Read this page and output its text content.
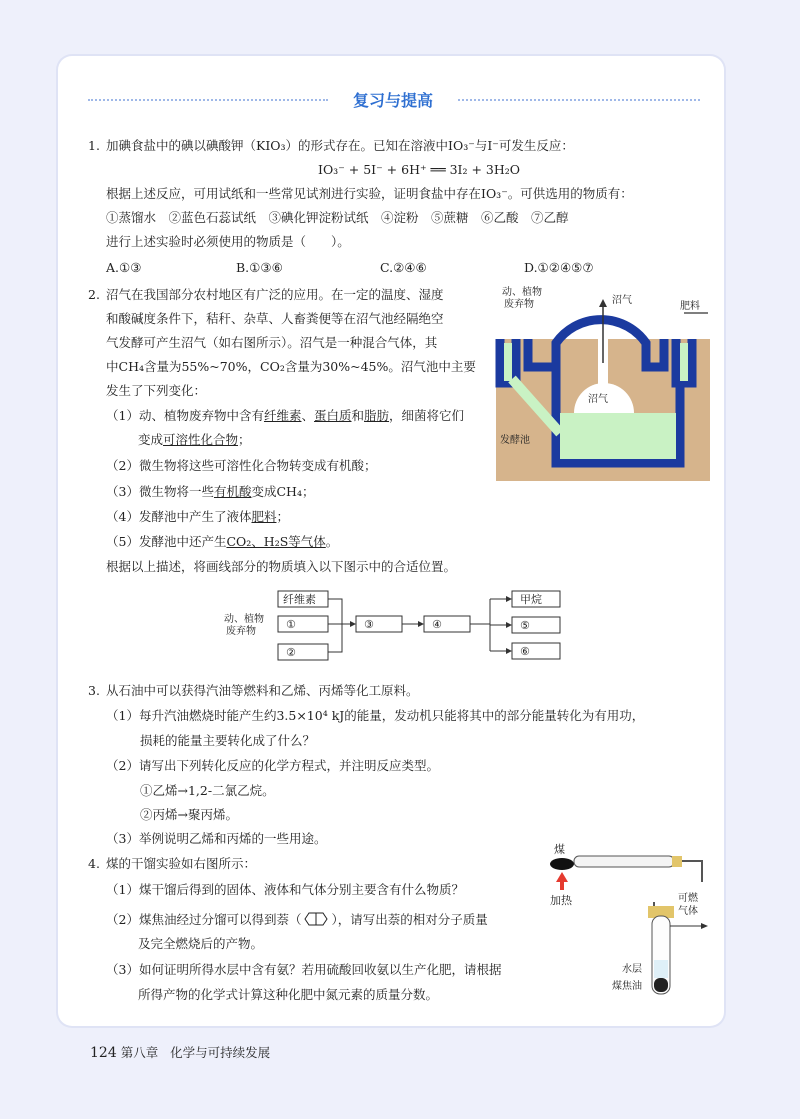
复习与提高
1. 加碘食盐中的碘以碘酸钾（KIO₃）的形式存在。已知在溶液中IO₃⁻与I⁻可发生反应：
IO₃⁻ + 5I⁻ + 6H⁺ ══ 3I₂ + 3H₂O
根据上述反应，可用试纸和一些常见试剂进行实验，证明食盐中存在IO₃⁻。可供选用的物质有：
①蒸馏水　②蓝色石蕊试纸　③碘化钾淀粉试纸　④淀粉　⑤蔗糖　⑥乙酸　⑦乙醇
进行上述实验时必须使用的物质是（　　）。
A.①③	B.①③⑥	C.②④⑥	D.①②④⑤⑦
2. 沼气在我国部分农村地区有广泛的应用。在一定的温度、湿度
和酸碱度条件下，秸秆、杂草、人畜粪便等在沼气池经隔绝空
气发酵可产生沼气（如右图所示）。沼气是一种混合气体，其
中CH₄含量为55%~70%，CO₂含量为30%~45%。沼气池中主要
发生了下列变化：
（1）动、植物废弃物中含有纤维素、蛋白质和脂肪，细菌将它们
变成可溶性化合物；
（2）微生物将这些可溶性化合物转变成有机酸；
（3）微生物将一些有机酸变成CH₄；
（4）发酵池中产生了液体肥料；
（5）发酵池中还产生CO₂、H₂S等气体。
根据以上描述，将画线部分的物质填入以下图示中的合适位置。
动、植物
废弃物	沼气
肥料
沼气
发酵池
动、植物
废弃物
纤维素
①
②
③	④
甲烷
⑤
⑥
3. 从石油中可以获得汽油等燃料和乙烯、丙烯等化工原料。
（1）每升汽油燃烧时能产生约3.5×10⁴ kJ的能量，发动机只能将其中的部分能量转化为有用功，
损耗的能量主要转化成了什么？
（2）请写出下列转化反应的化学方程式，并注明反应类型。
①乙烯→1,2-二氯乙烷。
②丙烯→聚丙烯。
（3）举例说明乙烯和丙烯的一些用途。
4. 煤的干馏实验如右图所示：
（1）煤干馏后得到的固体、液体和气体分别主要含有什么物质？
（2）煤焦油经过分馏可以得到萘（ ），请写出萘的相对分子质量
及完全燃烧后的产物。
（3）如何证明所得水层中含有氨？若用硫酸回收氨以生产化肥，请根据
所得产物的化学式计算这种化肥中氮元素的质量分数。
煤
加热	可燃
气体
水层
煤焦油
124 第八章 化学与可持续发展
